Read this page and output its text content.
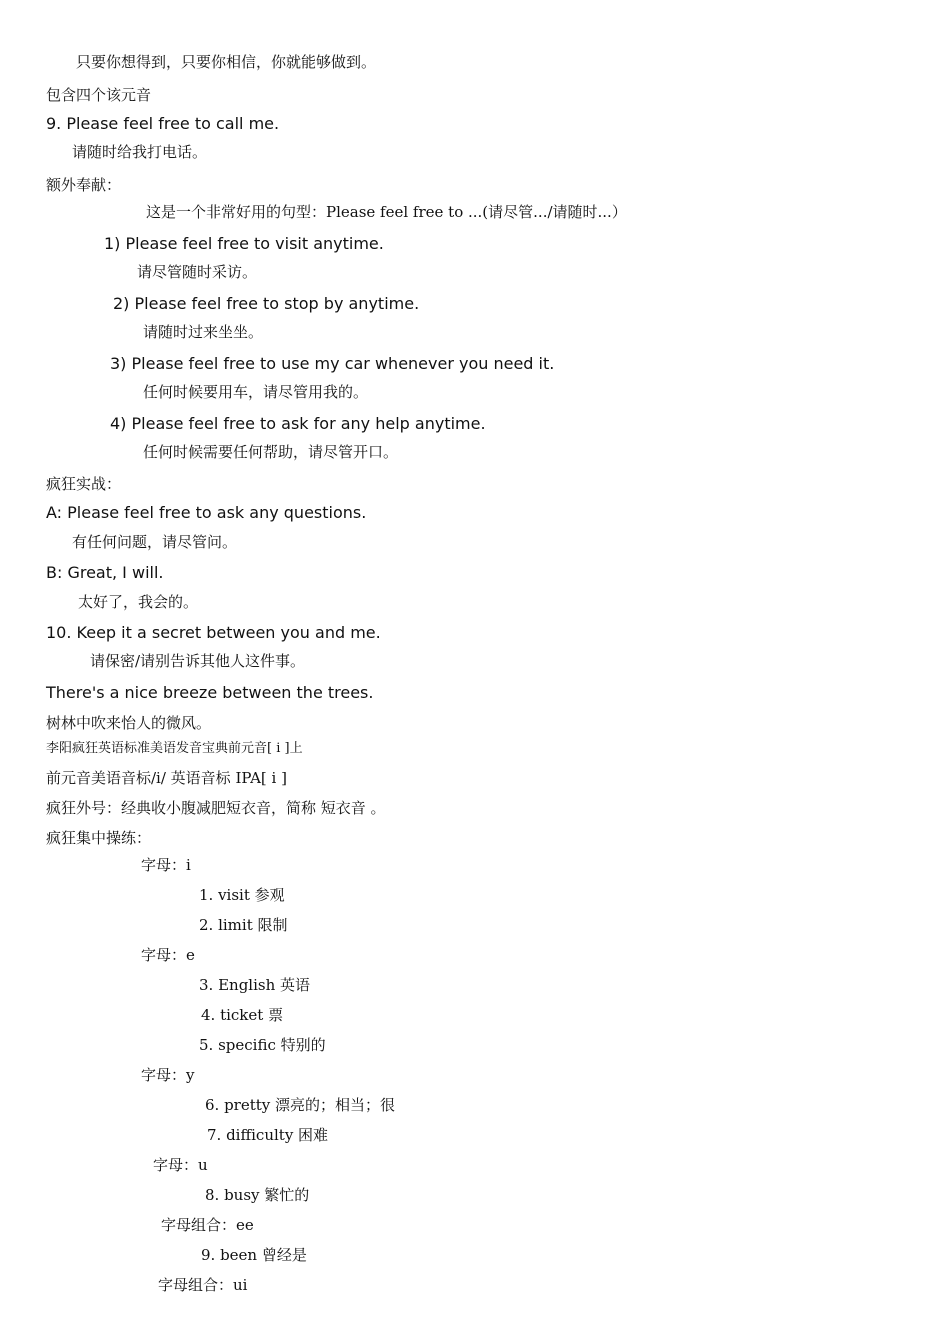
只要你想得到，只要你相信，你就能够做到。
包含四个该元音
9. Please feel free to call me.
请随时给我打电话。
额外奉献：
这是一个非常好用的句型：Please feel free to ...(请尽管.../请随时...）
1) Please feel free to visit anytime.
请尽管随时采访。
2) Please feel free to stop by anytime.
请随时过来坐坐。
3) Please feel free to use my car whenever you need it.
任何时候要用车，请尽管用我的。
4) Please feel free to ask for any help anytime.
任何时候需要任何帮助，请尽管开口。
疯狂实战：
A: Please feel free to ask any questions.
有任何问题，请尽管问。
B: Great, I will.
太好了，我会的。
10. Keep it a secret between you and me.
请保密/请别告诉其他人这件事。
There's a nice breeze between the trees.
树林中吹来怡人的微风。
李阳疯狂英语标准美语发音宝典前元音[ i ]上
前元音美语音标/i/ 英语音标 IPA[ i ]
疯狂外号：经典收小腹减肥短衣音，简称 短衣音 。
疯狂集中操练：
字母：i
1. visit 参观
2. limit 限制
字母：e
3. English 英语
4. ticket 票
5. specific 特别的
字母：y
6. pretty 漂亮的；相当；很
7. difficulty 困难
字母：u
8. busy 繁忙的
字母组合：ee
9. been 曾经是
字母组合：ui
